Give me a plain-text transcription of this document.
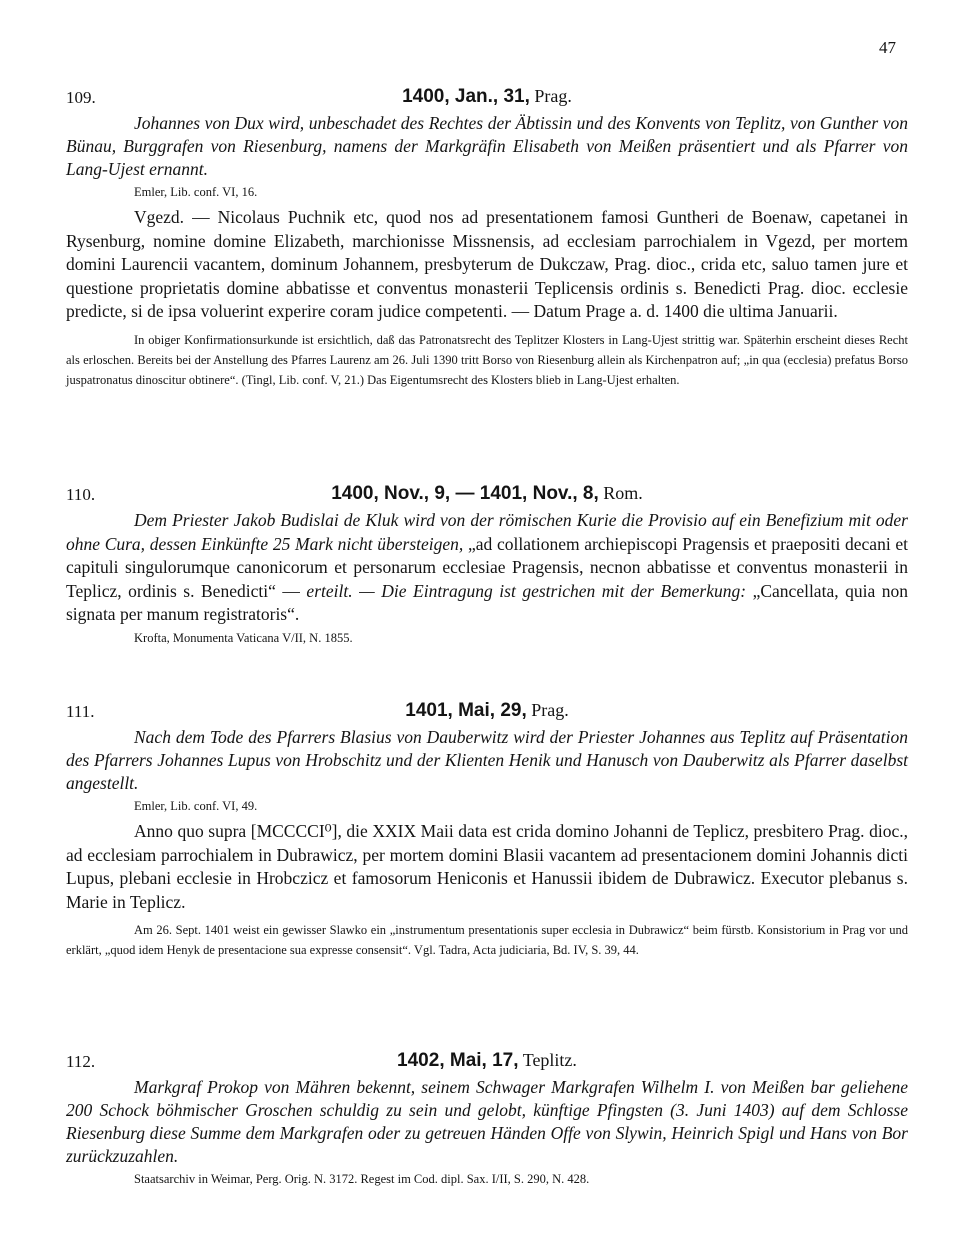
47
109.	1400, Jan., 31, Prag.

Johannes von Dux wird, unbeschadet des Rechtes der Äbtissin und des Konvents von Teplitz, von Gunther von Bünau, Burggrafen von Riesenburg, namens der Markgräfin Elisabeth von Meißen präsentiert und als Pfarrer von Lang-Ujest ernannt.

Emler, Lib. conf. VI, 16.

Vgezd. — Nicolaus Puchnik etc, quod nos ad presentationem famosi Guntheri de Boenaw, capetanei in Rysenburg, nomine domine Elizabeth, marchionisse Missnensis, ad ecclesiam parrochialem in Vgezd, per mortem domini Laurencii vacantem, dominum Johannem, presbyterum de Dukczaw, Prag. dioc., crida etc, saluo tamen jure et questione proprietatis domine abbatisse et conventus monasterii Teplicensis ordinis s. Benedicti Prag. dioc. ecclesie predicte, si de ipsa voluerint experire coram judice competenti. — Datum Prage a. d. 1400 die ultima Januarii.

In obiger Konfirmationsurkunde ist ersichtlich, daß das Patronatsrecht des Teplitzer Klosters in Lang-Ujest strittig war. Späterhin erscheint dieses Recht als erloschen. Bereits bei der Anstellung des Pfarres Laurenz am 26. Juli 1390 tritt Borso von Riesenburg allein als Kirchenpatron auf; „in qua (ecclesia) prefatus Borso juspatronatus dinoscitur obtinere“. (Tingl, Lib. conf. V, 21.) Das Eigentumsrecht des Klosters blieb in Lang-Ujest erhalten.

110.	1400, Nov., 9, — 1401, Nov., 8, Rom.

Dem Priester Jakob Budislai de Kluk wird von der römischen Kurie die Provisio auf ein Benefizium mit oder ohne Cura, dessen Einkünfte 25 Mark nicht übersteigen, „ad collationem archiepiscopi Pragensis et praepositi decani et capituli singulorumque canonicorum et personarum ecclesiae Pragensis, necnon abbatisse et conventus monasterii in Teplicz, ordinis s. Benedicti“ — erteilt. — Die Eintragung ist gestrichen mit der Bemerkung: „Cancellata, quia non signata per manum registratoris“.

Krofta, Monumenta Vaticana V/II, N. 1855.
111.	1401, Mai, 29, Prag.

Nach dem Tode des Pfarrers Blasius von Dauberwitz wird der Priester Johannes aus Teplitz auf Präsentation des Pfarrers Johannes Lupus von Hrobschitz und der Klienten Henik und Hanusch von Dauberwitz als Pfarrer daselbst angestellt.

Emler, Lib. conf. VI, 49.

Anno quo supra [MCCCCI⁰], die XXIX Maii data est crida domino Johanni de Teplicz, presbitero Prag. dioc., ad ecclesiam parrochialem in Dubrawicz, per mortem domini Blasii vacantem ad presentacionem domini Johannis dicti Lupus, plebani ecclesie in Hrobczicz et famosorum Heniconis et Hanussii ibidem de Dubrawicz. Executor plebanus s. Marie in Teplicz.

Am 26. Sept. 1401 weist ein gewisser Slawko ein „instrumentum presentationis super ecclesia in Dubrawicz“ beim fürstb. Konsistorium in Prag vor und erklärt, „quod idem Henyk de presentacione sua expresse consensit“. Vgl. Tadra, Acta judiciaria, Bd. IV, S. 39, 44.

112.	1402, Mai, 17, Teplitz.

Markgraf Prokop von Mähren bekennt, seinem Schwager Markgrafen Wilhelm I. von Meißen bar geliehene 200 Schock böhmischer Groschen schuldig zu sein und gelobt, künftige Pfingsten (3. Juni 1403) auf dem Schlosse Riesenburg diese Summe dem Markgrafen oder zu getreuen Händen Offe von Slywin, Heinrich Spigl und Hans von Bor zurückzuzahlen.

Staatsarchiv in Weimar, Perg. Orig. N. 3172. Regest im Cod. dipl. Sax. I/II, S. 290, N. 428.
